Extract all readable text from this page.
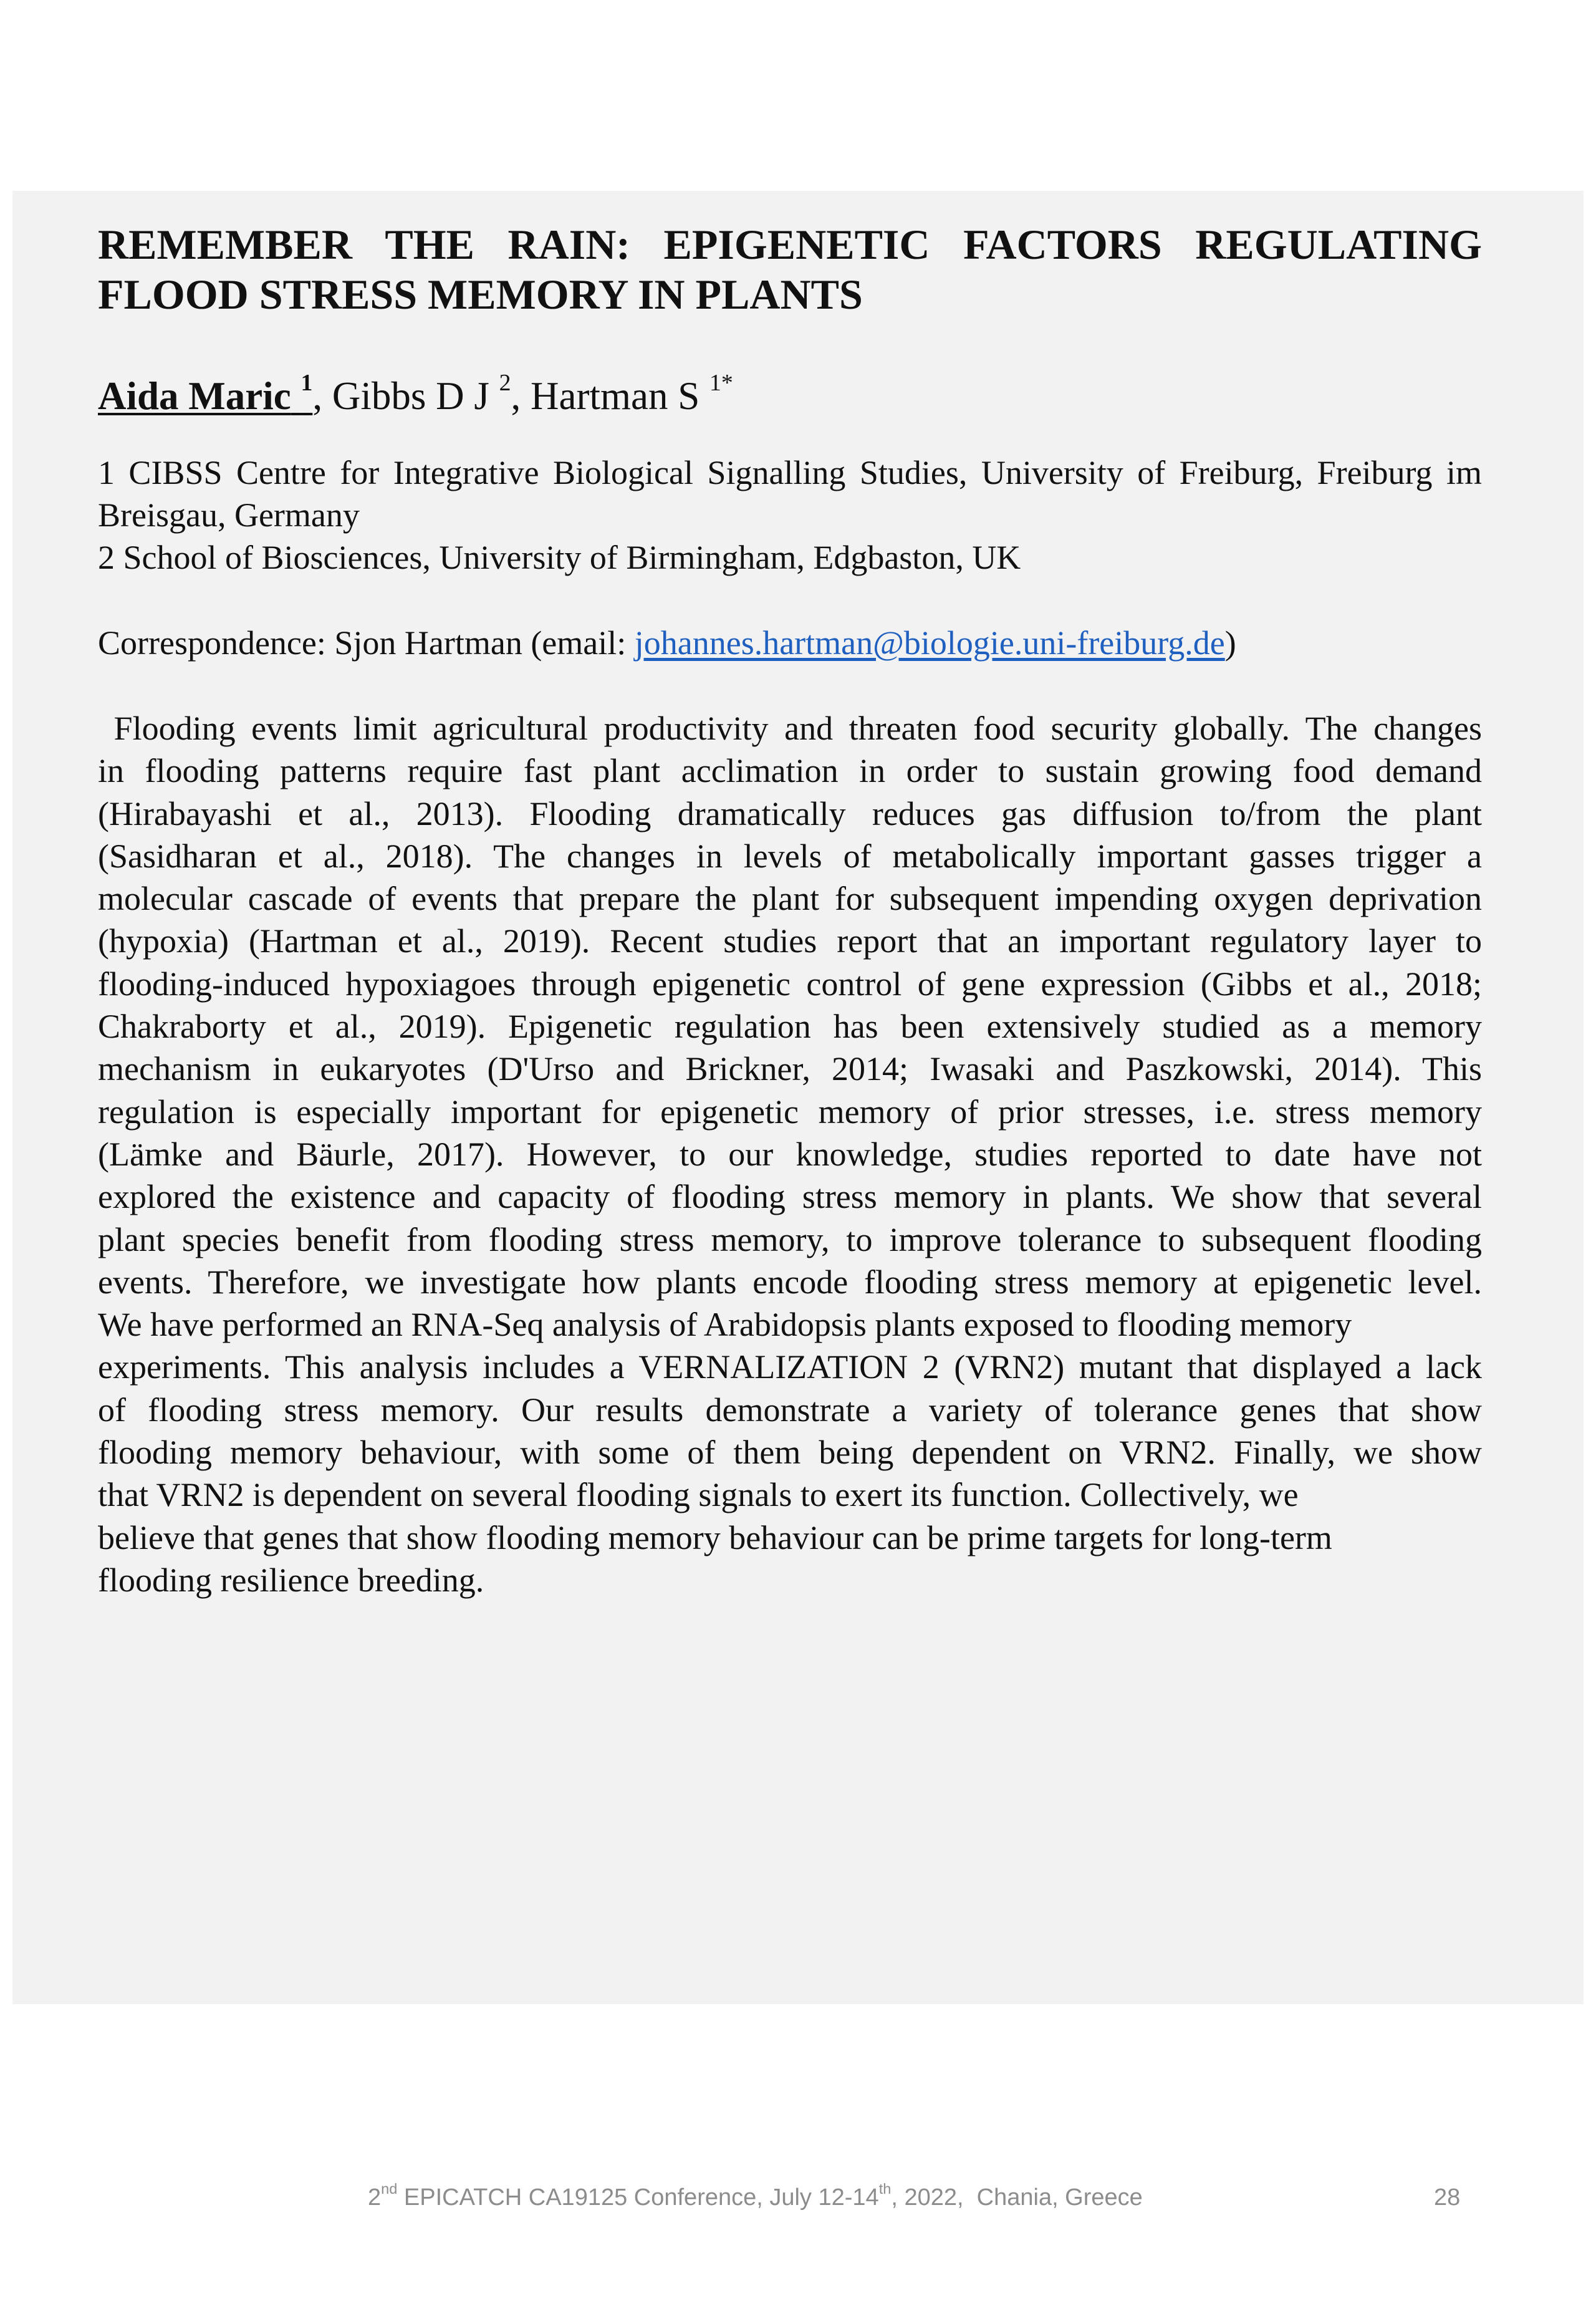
REMEMBER THE RAIN: EPIGENETIC FACTORS REGULATING
FLOOD STRESS MEMORY IN PLANTS

Aida Maric $^1$, Gibbs D J $^2$, Hartman S $^{1*}$

1 CIBSS Centre for Integrative Biological Signalling Studies, University of Freiburg, Freiburg im Breisgau, Germany

2 School of Biosciences, University of Birmingham, Edgbaston, UK

Correspondence: Sjon Hartman (email: johannes.hartman@biologie.uni-freiburg.de)

Flooding events limit agricultural productivity and threaten food security globally. The changes
in flooding patterns require fast plant acclimation in order to sustain growing food demand
(Hirabayashi et al., 2013). Flooding dramatically reduces gas diffusion to/from the plant
(Sasidharan et al., 2018). The changes in levels of metabolically important gasses trigger a
molecular cascade of events that prepare the plant for subsequent impending oxygen deprivation
(hypoxia) (Hartman et al., 2019). Recent studies report that an important regulatory layer to
flooding-induced hypoxiagoes through epigenetic control of gene expression (Gibbs et al., 2018;
Chakraborty et al., 2019). Epigenetic regulation has been extensively studied as a memory
mechanism in eukaryotes (D'Urso and Brickner, 2014; Iwasaki and Paszkowski, 2014). This
regulation is especially important for epigenetic memory of prior stresses, i.e. stress memory
(Lämke and Bäurle, 2017). However, to our knowledge, studies reported to date have not
explored the existence and capacity of flooding stress memory in plants. We show that several
plant species benefit from flooding stress memory, to improve tolerance to subsequent flooding
events. Therefore, we investigate how plants encode flooding stress memory at epigenetic level.
We have performed an RNA-Seq analysis of Arabidopsis plants exposed to flooding memory
experiments. This analysis includes a VERNALIZATION 2 (VRN2) mutant that displayed a lack
of flooding stress memory. Our results demonstrate a variety of tolerance genes that show
flooding memory behaviour, with some of them being dependent on VRN2. Finally, we show
that VRN2 is dependent on several flooding signals to exert its function. Collectively, we
believe that genes that show flooding memory behaviour can be prime targets for long-term
flooding resilience breeding.
2nd EPICATCH CA19125 Conference, July 12-14th, 2022,  Chania, Greece	28
